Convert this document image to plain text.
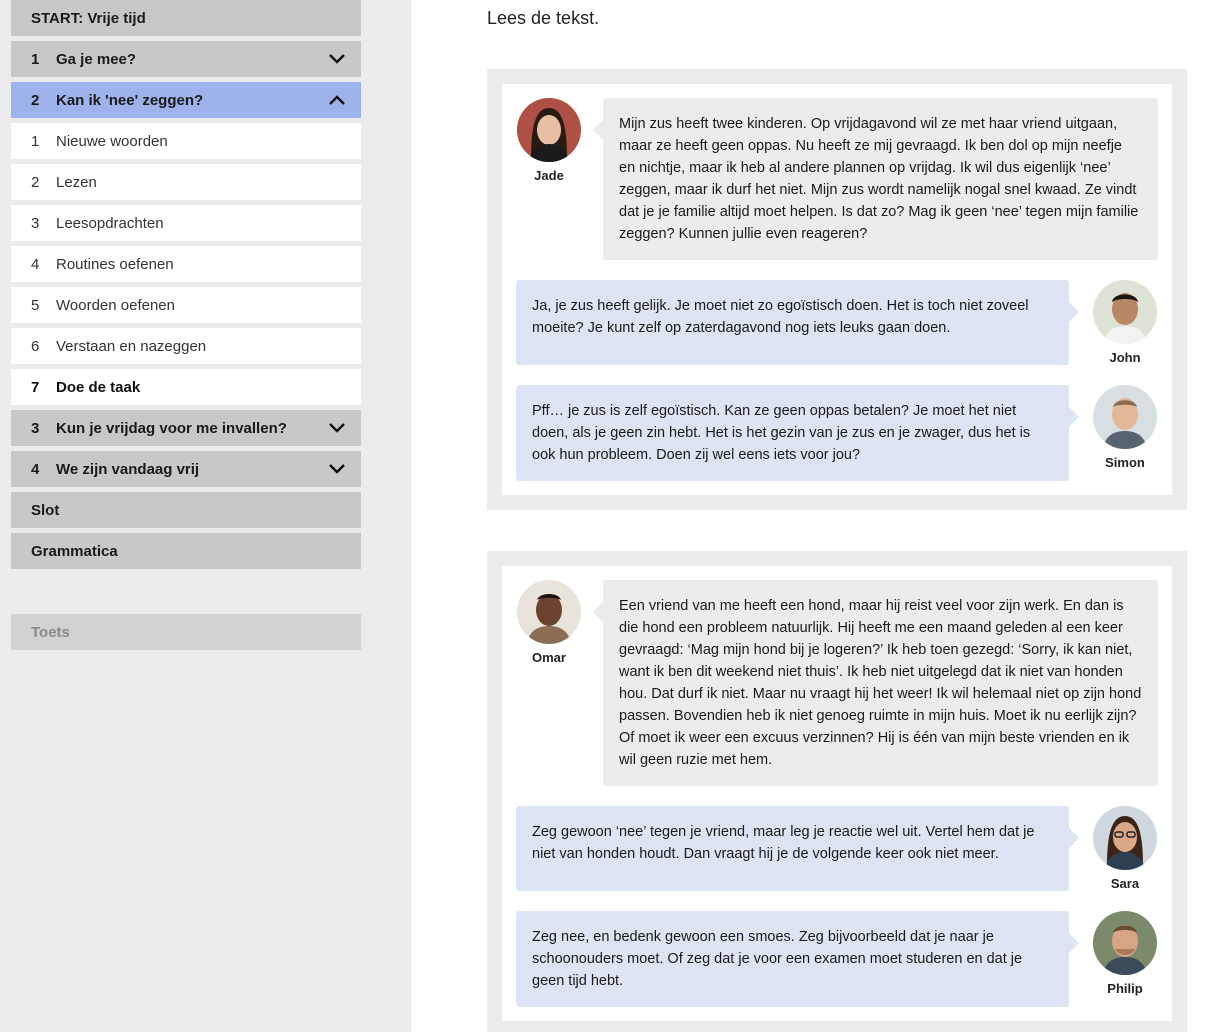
START: Vrije tijd
1	Ga je mee?
2	Kan ik 'nee' zeggen?
1	Nieuwe woorden
2	Lezen
3	Leesopdrachten
4	Routines oefenen
5	Woorden oefenen
6	Verstaan en nazeggen
7	Doe de taak
3	Kun je vrijdag voor me invallen?
4	We zijn vandaag vrij
Slot
Grammatica
Toets
Lees de tekst.
Jade
Mijn zus heeft twee kinderen. Op vrijdagavond wil ze met haar vriend uitgaan, maar ze heeft geen oppas. Nu heeft ze mij gevraagd. Ik ben dol op mijn neefje en nichtje, maar ik heb al andere plannen op vrijdag. Ik wil dus eigenlijk ‘nee’ zeggen, maar ik durf het niet. Mijn zus wordt namelijk nogal snel kwaad. Ze vindt dat je je familie altijd moet helpen. Is dat zo? Mag ik geen ‘nee’ tegen mijn familie zeggen? Kunnen jullie even reageren?
Ja, je zus heeft gelijk. Je moet niet zo egoïstisch doen. Het is toch niet zoveel moeite? Je kunt zelf op zaterdagavond nog iets leuks gaan doen.
John
Pff… je zus is zelf egoïstisch. Kan ze geen oppas betalen? Je moet het niet doen, als je geen zin hebt. Het is het gezin van je zus en je zwager, dus het is ook hun probleem. Doen zij wel eens iets voor jou?	Simon
Omar
Een vriend van me heeft een hond, maar hij reist veel voor zijn werk. En dan is die hond een probleem natuurlijk. Hij heeft me een maand geleden al een keer gevraagd: ‘Mag mijn hond bij je logeren?’ Ik heb toen gezegd: ‘Sorry, ik kan niet, want ik ben dit weekend niet thuis’. Ik heb niet uitgelegd dat ik niet van honden hou. Dat durf ik niet. Maar nu vraagt hij het weer! Ik wil helemaal niet op zijn hond passen. Bovendien heb ik niet genoeg ruimte in mijn huis. Moet ik nu eerlijk zijn? Of moet ik weer een excuus verzinnen? Hij is één van mijn beste vrienden en ik wil geen ruzie met hem.
Zeg gewoon ‘nee’ tegen je vriend, maar leg je reactie wel uit. Vertel hem dat je niet van honden houdt. Dan vraagt hij je de volgende keer ook niet meer.
Sara
Zeg nee, en bedenk gewoon een smoes. Zeg bijvoorbeeld dat je naar je schoonouders moet. Of zeg dat je voor een examen moet studeren en dat je geen tijd hebt.	Philip
